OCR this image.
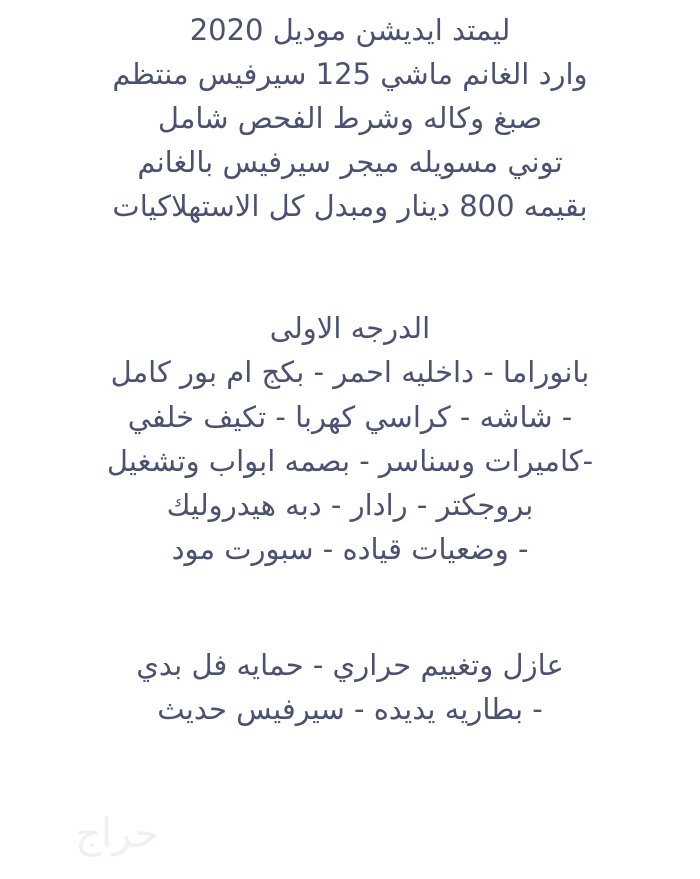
ليمتد ايديشن موديل 2020
وارد الغانم ماشي 125 سيرفيس منتظم
صبغ وكاله وشرط الفحص شامل
توني مسويله ميجر سيرفيس بالغانم
بقيمه 800 دينار ومبدل كل الاستهلاكيات
الدرجه الاولى
بانوراما - داخليه احمر - بكج ام بور كامل
- شاشه - كراسي كهربا - تكيف خلفي
-كاميرات وسناسر - بصمه ابواب وتشغيل
بروجكتر - رادار - دبه هيدروليك
- وضعيات قياده - سبورت مود
عازل وتغييم حراري - حمايه فل بدي
- بطاريه يديده - سيرفيس حديث
حراج
